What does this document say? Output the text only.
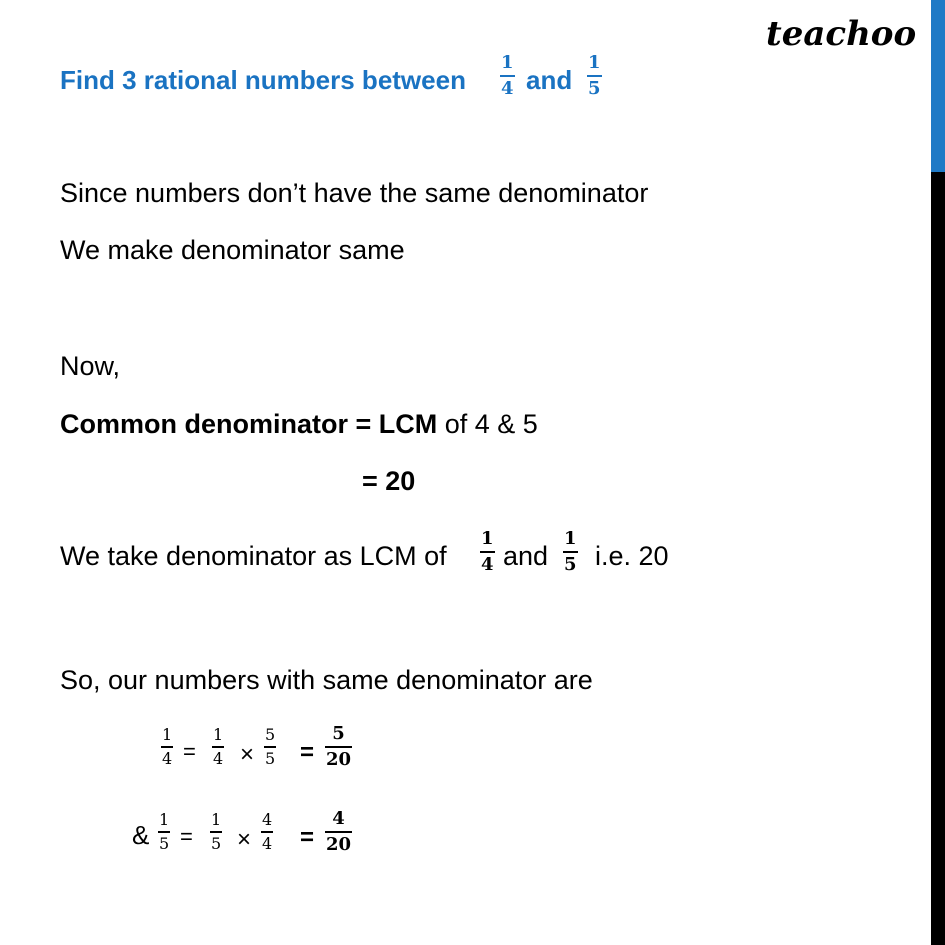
teachoo
Find 3 rational numbers between
1
4 and
1
5
Since numbers don’t have the same denominator
We make denominator same
Now,
Common denominator = LCM of 4 & 5
= 20
We take denominator as LCM of
1
4 and
1
5 i.e. 20
So, our numbers with same denominator are
1
4 =
1
4 ×
5
5 =
5
20
&
1
5 =
1
5 ×
4
4 =
4
20
